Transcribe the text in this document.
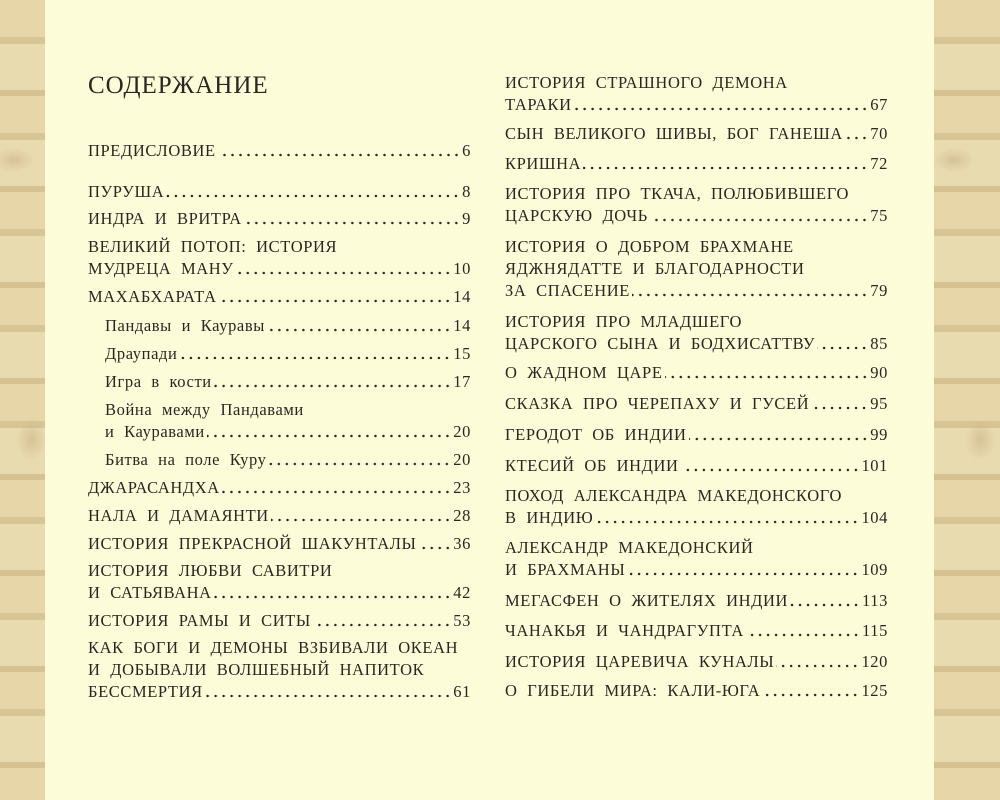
СОДЕРЖАНИЕ
ПРЕДИСЛОВИЕ	6
ПУРУША	8
ИНДРА И ВРИТРА	9
ВЕЛИКИЙ ПОТОП: ИСТОРИЯ
МУДРЕЦА МАНУ	10
МАХАБХАРАТА	14
Пандавы и Кауравы	14
Драупади	15
Игра в кости	17
Война между Пандавами
и Кауравами	20
Битва на поле Куру	20
ДЖАРАСАНДХА	23
НАЛА И ДАМАЯНТИ	28
ИСТОРИЯ ПРЕКРАСНОЙ ШАКУНТАЛЫ 36
ИСТОРИЯ ЛЮБВИ САВИТРИ
И САТЬЯВАНА	42
ИСТОРИЯ РАМЫ И СИТЫ	53
КАК БОГИ И ДЕМОНЫ ВЗБИВАЛИ ОКЕАН
И ДОБЫВАЛИ ВОЛШЕБНЫЙ НАПИТОК
БЕССМЕРТИЯ	61
ИСТОРИЯ СТРАШНОГО ДЕМОНА
ТАРАКИ	67
СЫН ВЕЛИКОГО ШИВЫ, БОГ ГАНЕША 70
КРИШНА	72
ИСТОРИЯ ПРО ТКАЧА, ПОЛЮБИВШЕГО
ЦАРСКУЮ ДОЧЬ	75
ИСТОРИЯ О ДОБРОМ БРАХМАНЕ
ЯДЖНЯДАТТЕ И БЛАГОДАРНОСТИ
ЗА СПАСЕНИЕ	79
ИСТОРИЯ ПРО МЛАДШЕГО
ЦАРСКОГО СЫНА И БОДХИСАТТВУ	85
О ЖАДНОМ ЦАРЕ	90
СКАЗКА ПРО ЧЕРЕПАХУ И ГУСЕЙ	95
ГЕРОДОТ ОБ ИНДИИ	99
КТЕСИЙ ОБ ИНДИИ	101
ПОХОД АЛЕКСАНДРА МАКЕДОНСКОГО
В ИНДИЮ	104
АЛЕКСАНДР МАКЕДОНСКИЙ
И БРАХМАНЫ	109
МЕГАСФЕН О ЖИТЕЛЯХ ИНДИИ	113
ЧАНАКЬЯ И ЧАНДРАГУПТА	115
ИСТОРИЯ ЦАРЕВИЧА КУНАЛЫ	120
О ГИБЕЛИ МИРА: КАЛИ-ЮГА	125
